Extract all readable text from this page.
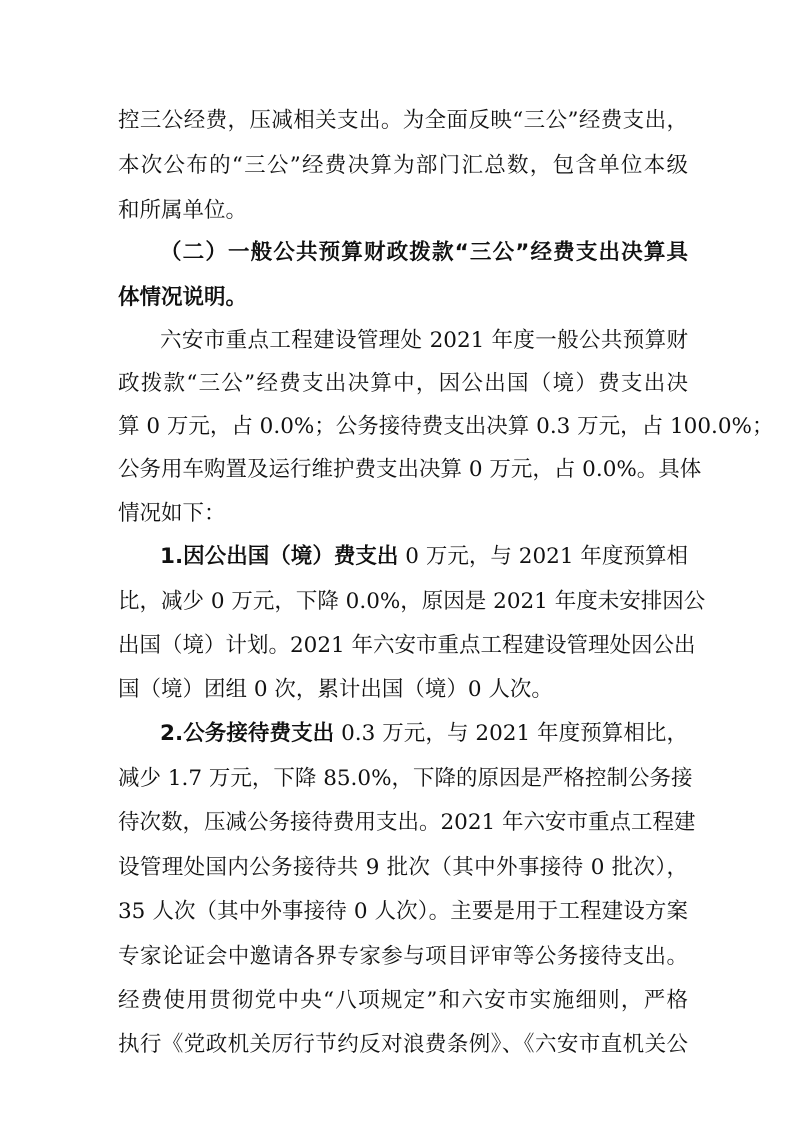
控三公经费，压减相关支出。为全面反映“三公”经费支出，
本次公布的“三公”经费决算为部门汇总数，包含单位本级
和所属单位。
（二）一般公共预算财政拨款“三公”经费支出决算具
体情况说明。
六安市重点工程建设管理处 2021 年度一般公共预算财
政拨款“三公”经费支出决算中，因公出国（境）费支出决
算 0 万元，占 0.0%；公务接待费支出决算 0.3 万元，占 100.0%；
公务用车购置及运行维护费支出决算 0 万元，占 0.0%。具体
情况如下：
1.因公出国（境）费支出 0 万元，与 2021 年度预算相
比，减少 0 万元，下降 0.0%，原因是 2021 年度未安排因公
出国（境）计划。2021 年六安市重点工程建设管理处因公出
国（境）团组 0 次，累计出国（境）0 人次。
2.公务接待费支出 0.3 万元，与 2021 年度预算相比，
减少 1.7 万元，下降 85.0%，下降的原因是严格控制公务接
待次数，压减公务接待费用支出。2021 年六安市重点工程建
设管理处国内公务接待共 9 批次（其中外事接待 0 批次），
35 人次（其中外事接待 0 人次）。主要是用于工程建设方案
专家论证会中邀请各界专家参与项目评审等公务接待支出。
经费使用贯彻党中央“八项规定”和六安市实施细则，严格
执行《党政机关厉行节约反对浪费条例》、《六安市直机关公
